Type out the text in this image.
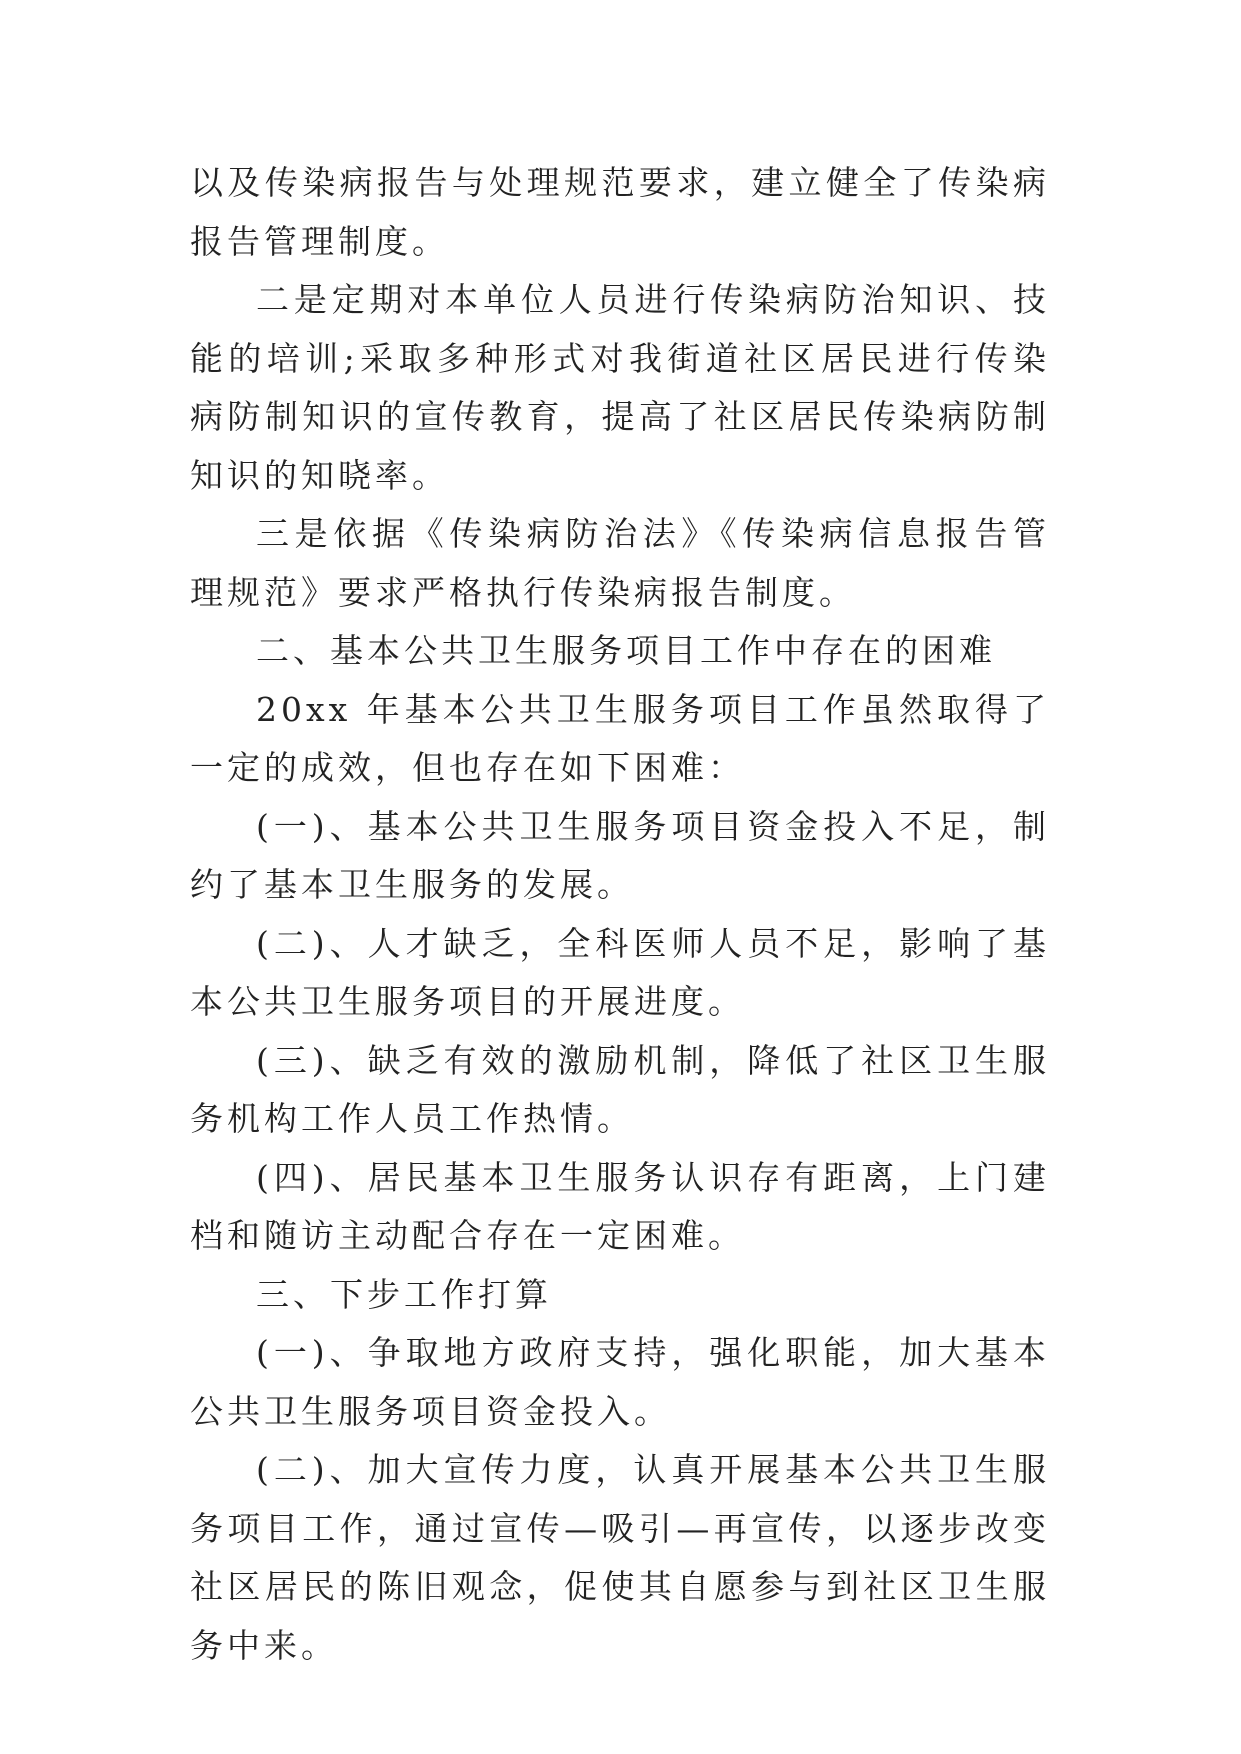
以及传染病报告与处理规范要求，建立健全了传染病报告管理制度。

二是定期对本单位人员进行传染病防治知识、技能的培训;采取多种形式对我街道社区居民进行传染病防制知识的宣传教育，提高了社区居民传染病防制知识的知晓率。

三是依据《传染病防治法》《传染病信息报告管理规范》要求严格执行传染病报告制度。

二、基本公共卫生服务项目工作中存在的困难

20xx 年基本公共卫生服务项目工作虽然取得了一定的成效，但也存在如下困难：

(一)、基本公共卫生服务项目资金投入不足，制约了基本卫生服务的发展。

(二)、人才缺乏，全科医师人员不足，影响了基本公共卫生服务项目的开展进度。

(三)、缺乏有效的激励机制，降低了社区卫生服务机构工作人员工作热情。

(四)、居民基本卫生服务认识存有距离，上门建档和随访主动配合存在一定困难。

三、下步工作打算

(一)、争取地方政府支持，强化职能，加大基本公共卫生服务项目资金投入。

(二)、加大宣传力度，认真开展基本公共卫生服务项目工作，通过宣传—吸引—再宣传，以逐步改变社区居民的陈旧观念，促使其自愿参与到社区卫生服务中来。
